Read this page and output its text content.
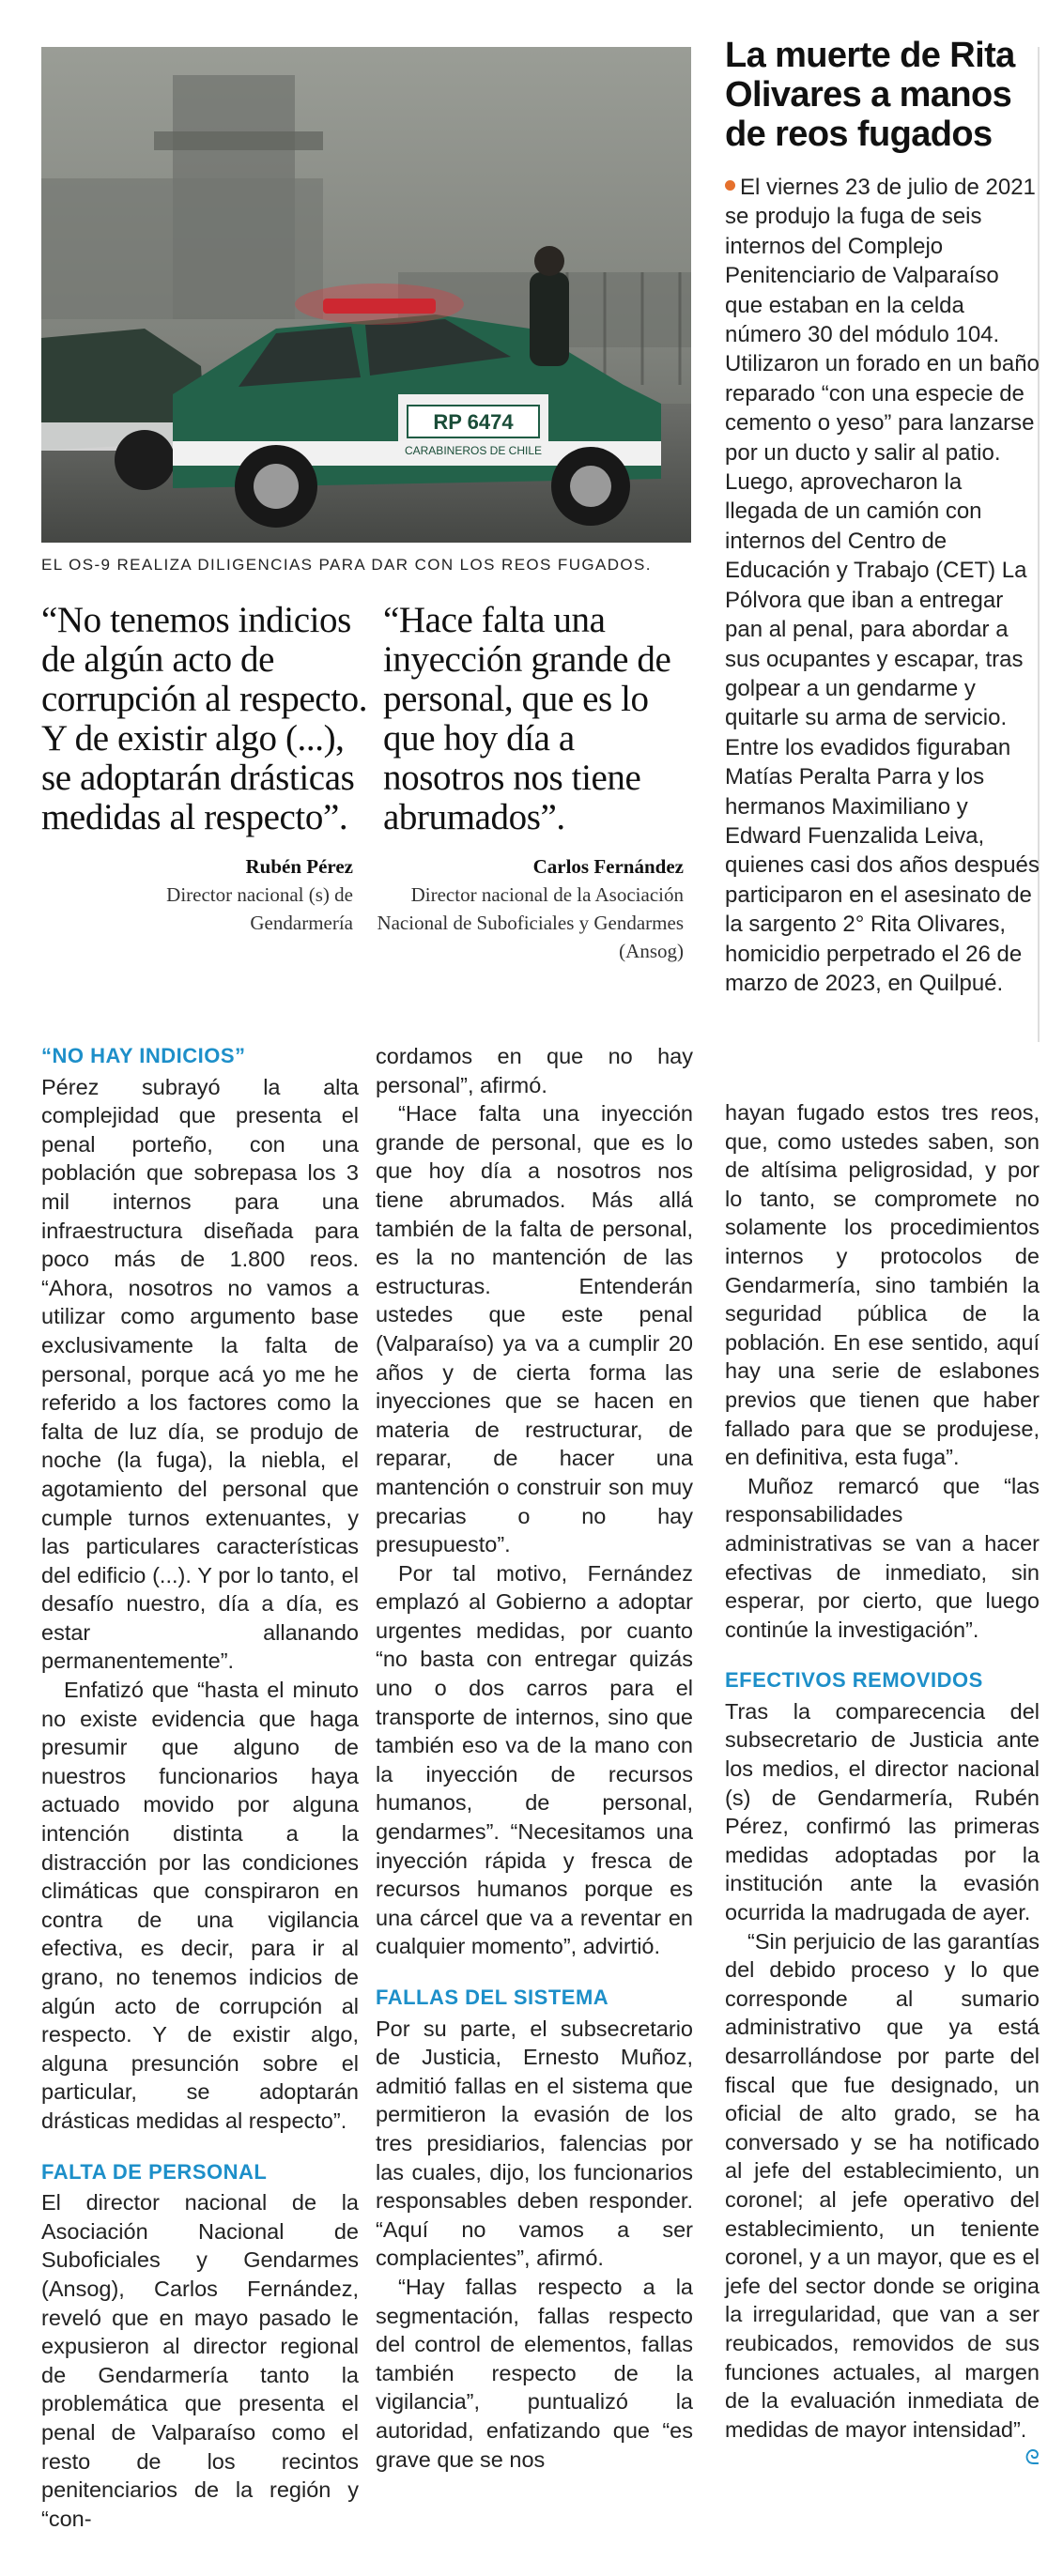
RP 6474
CARABINEROS DE CHILE
EL OS-9 REALIZA DILIGENCIAS PARA DAR CON LOS REOS FUGADOS.
La muerte de Rita Olivares a manos de reos fugados
El viernes 23 de julio de 2021 se produjo la fuga de seis internos del Complejo Penitenciario de Valparaíso que estaban en la celda número 30 del módulo 104. Utilizaron un forado en un baño reparado “con una especie de cemento o yeso” para lanzarse por un ducto y salir al patio. Luego, aprovecharon la llegada de un camión con internos del Centro de Educación y Trabajo (CET) La Pólvora que iban a entregar pan al penal, para abordar a sus ocupantes y escapar, tras golpear a un gendarme y quitarle su arma de servicio. Entre los evadidos figuraban Matías Peralta Parra y los hermanos Maximiliano y Edward Fuenzalida Leiva, quienes casi dos años después participaron en el asesinato de la sargento 2° Rita Olivares, homicidio perpetrado el 26 de marzo de 2023, en Quilpué.
“No tenemos indicios de algún acto de corrupción al respecto. Y de existir algo (...), se adoptarán drásticas medidas al respecto”.
“Hace falta una inyección grande de personal, que es lo que hoy día a nosotros nos tiene abrumados”.
Rubén Pérez
Director nacional (s) de Gendarmería
Carlos Fernández
Director nacional de la Asociación Nacional de Suboficiales y Gendarmes (Ansog)
“NO HAY INDICIOS”

Pérez subrayó la alta complejidad que presenta el penal porteño, con una población que sobrepasa los 3 mil internos para una infraestructura diseñada para poco más de 1.800 reos. “Ahora, nosotros no vamos a utilizar como argumento base exclusivamente la falta de personal, porque acá yo me he referido a los factores como la falta de luz día, se produjo de noche (la fuga), la niebla, el agotamiento del personal que cumple turnos extenuantes, y las particulares características del edificio (...). Y por lo tanto, el desafío nuestro, día a día, es estar allanando permanentemente”.

Enfatizó que “hasta el minuto no existe evidencia que haga presumir que alguno de nuestros funcionarios haya actuado movido por alguna intención distinta a la distracción por las condiciones climáticas que conspiraron en contra de una vigilancia efectiva, es decir, para ir al grano, no tenemos indicios de algún acto de corrupción al respecto. Y de existir algo, alguna presunción sobre el particular, se adoptarán drásticas medidas al respecto”.

FALTA DE PERSONAL

El director nacional de la Asociación Nacional de Suboficiales y Gendarmes (Ansog), Carlos Fernández, reveló que en mayo pasado le expusieron al director regional de Gendarmería tanto la problemática que presenta el penal de Valparaíso como el resto de los recintos penitenciarios de la región y “con-

cordamos en que no hay personal”, afirmó.

“Hace falta una inyección grande de personal, que es lo que hoy día a nosotros nos tiene abrumados. Más allá también de la falta de personal, es la no mantención de las estructuras. Entenderán ustedes que este penal (Valparaíso) ya va a cumplir 20 años y de cierta forma las inyecciones que se hacen en materia de restructurar, de reparar, de hacer una mantención o construir son muy precarias o no hay presupuesto”.

Por tal motivo, Fernández emplazó al Gobierno a adoptar urgentes medidas, por cuanto “no basta con entregar quizás uno o dos carros para el transporte de internos, sino que también eso va de la mano con la inyección de recursos humanos, de personal, gendarmes”. “Necesitamos una inyección rápida y fresca de recursos humanos porque es una cárcel que va a reventar en cualquier momento”, advirtió.

FALLAS DEL SISTEMA

Por su parte, el subsecretario de Justicia, Ernesto Muñoz, admitió fallas en el sistema que permitieron la evasión de los tres presidiarios, falencias por las cuales, dijo, los funcionarios responsables deben responder. “Aquí no vamos a ser complacientes”, afirmó.

“Hay fallas respecto a la segmentación, fallas respecto del control de elementos, fallas también respecto de la vigilancia”, puntualizó la autoridad, enfatizando que “es grave que se nos

hayan fugado estos tres reos, que, como ustedes saben, son de altísima peligrosidad, y por lo tanto, se compromete no solamente los procedimientos internos y protocolos de Gendarmería, sino también la seguridad pública de la población. En ese sentido, aquí hay una serie de eslabones previos que tienen que haber fallado para que se produjese, en definitiva, esta fuga”.

Muñoz remarcó que “las responsabilidades administrativas se van a hacer efectivas de inmediato, sin esperar, por cierto, que luego continúe la investigación”.

EFECTIVOS REMOVIDOS

Tras la comparecencia del subsecretario de Justicia ante los medios, el director nacional (s) de Gendarmería, Rubén Pérez, confirmó las primeras medidas adoptadas por la institución ante la evasión ocurrida la madrugada de ayer.

“Sin perjuicio de las garantías del debido proceso y lo que corresponde al sumario administrativo que ya está desarrollándose por parte del fiscal que fue designado, un oficial de alto grado, se ha conversado y se ha notificado al jefe del establecimiento, un coronel; al jefe operativo del establecimiento, un teniente coronel, y a un mayor, que es el jefe del sector donde se origina la irregularidad, que van a ser reubicados, removidos de sus funciones actuales, al margen de la evaluación inmediata de medidas de mayor intensidad”.

ᘓ
